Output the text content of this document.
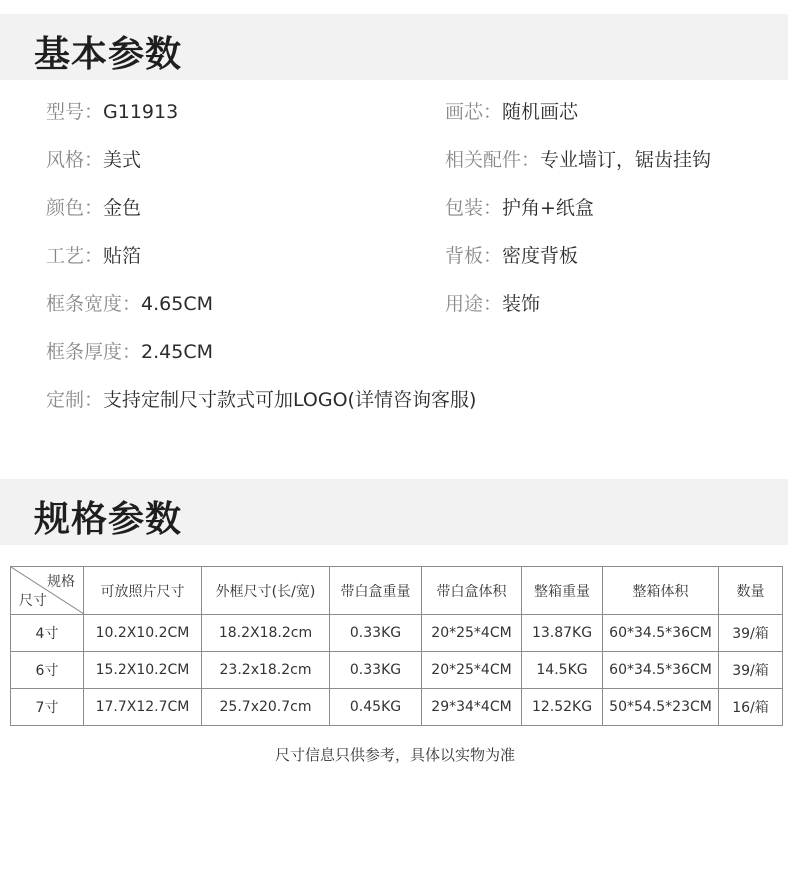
基本参数
型号：G11913
风格：美式
颜色：金色
工艺：贴箔
框条宽度：4.65CM
框条厚度：2.45CM
定制：支持定制尺寸款式可加LOGO(详情咨询客服)
画芯：随机画芯
相关配件：专业墙订，锯齿挂钩
包装：护角+纸盒
背板：密度背板
用途：装饰
规格参数
规格
尺寸	可放照片尺寸	外框尺寸(长/宽)	带白盒重量	带白盒体积	整箱重量	整箱体积	数量
4寸	10.2X10.2CM	18.2X18.2cm	0.33KG	20*25*4CM	13.87KG	60*34.5*36CM	39/箱
6寸	15.2X10.2CM	23.2x18.2cm	0.33KG	20*25*4CM	14.5KG	60*34.5*36CM	39/箱
7寸	17.7X12.7CM	25.7x20.7cm	0.45KG	29*34*4CM	12.52KG	50*54.5*23CM	16/箱
尺寸信息只供参考，具体以实物为准
